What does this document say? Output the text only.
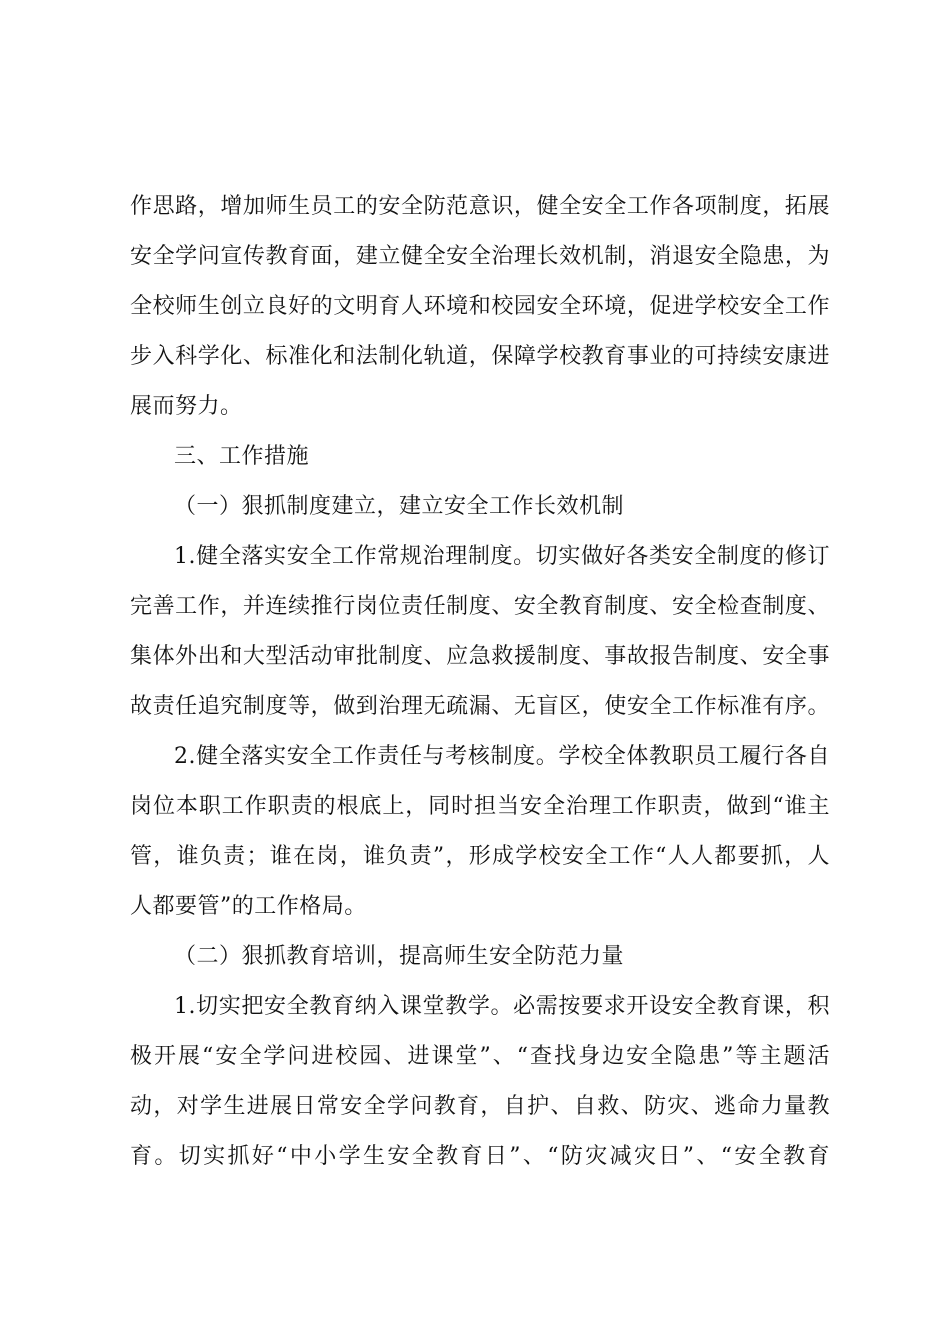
作思路，增加师生员工的安全防范意识，健全安全工作各项制度，拓展
安全学问宣传教育面，建立健全安全治理长效机制，消退安全隐患，为
全校师生创立良好的文明育人环境和校园安全环境，促进学校安全工作
步入科学化、标准化和法制化轨道，保障学校教育事业的可持续安康进
展而努力。
三、工作措施
（一）狠抓制度建立，建立安全工作长效机制
1.健全落实安全工作常规治理制度。切实做好各类安全制度的修订
完善工作，并连续推行岗位责任制度、安全教育制度、安全检查制度、
集体外出和大型活动审批制度、应急救援制度、事故报告制度、安全事
故责任追究制度等，做到治理无疏漏、无盲区，使安全工作标准有序。
2.健全落实安全工作责任与考核制度。学校全体教职员工履行各自
岗位本职工作职责的根底上，同时担当安全治理工作职责，做到“谁主
管，谁负责；谁在岗，谁负责”，形成学校安全工作“人人都要抓，人
人都要管”的工作格局。
（二）狠抓教育培训，提高师生安全防范力量
1.切实把安全教育纳入课堂教学。必需按要求开设安全教育课，积
极开展“安全学问进校园、进课堂”、“查找身边安全隐患”等主题活
动，对学生进展日常安全学问教育，自护、自救、防灾、逃命力量教
育。切实抓好“中小学生安全教育日”、“防灾减灾日”、“安全教育
